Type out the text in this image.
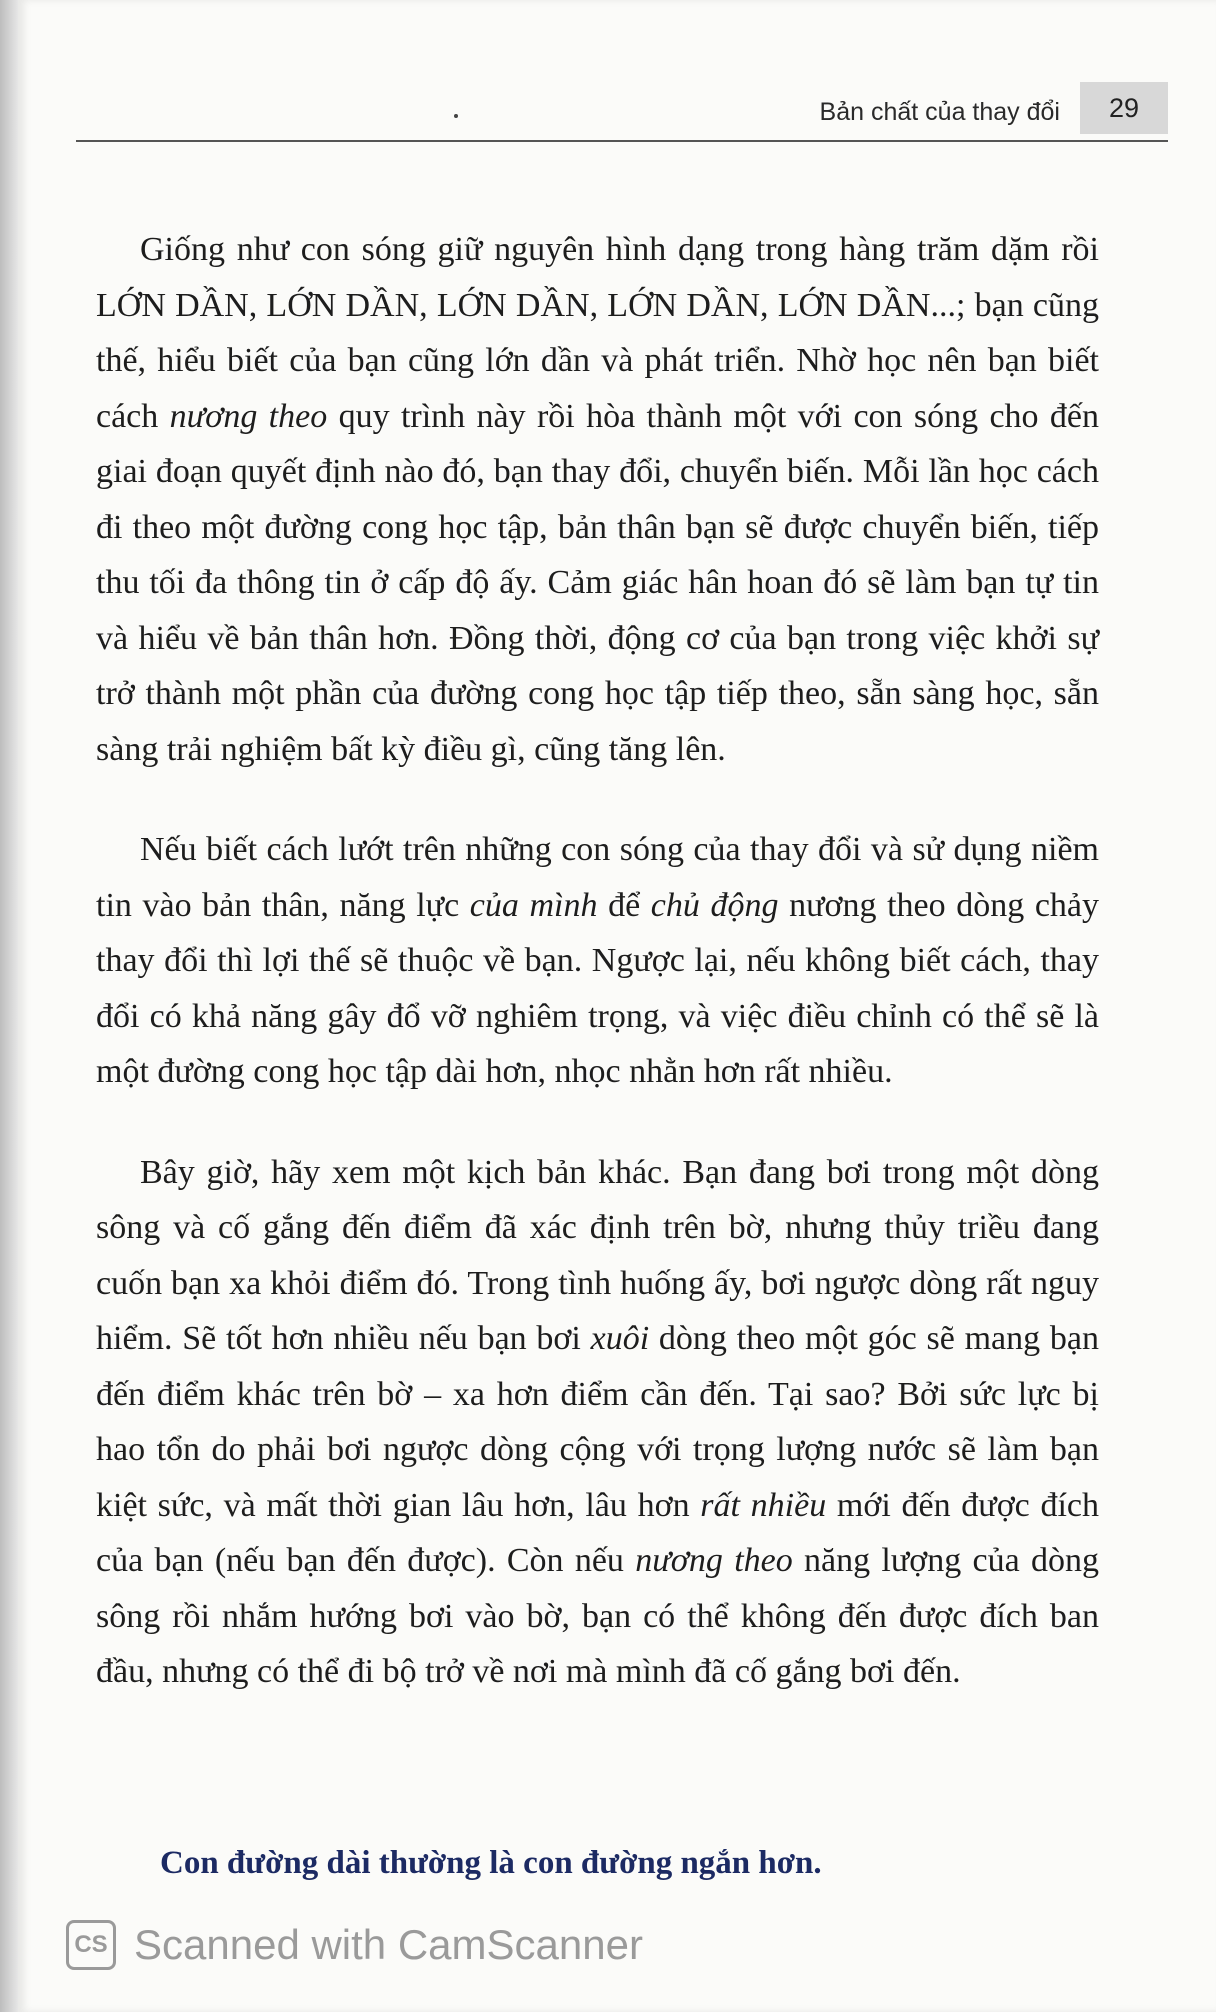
Bản chất của thay đổi	29

Giống như con sóng giữ nguyên hình dạng trong hàng trăm dặm rồi LỚN DẦN, LỚN DẦN, LỚN DẦN, LỚN DẦN, LỚN DẦN...; bạn cũng thế, hiểu biết của bạn cũng lớn dần và phát triển. Nhờ học nên bạn biết cách nương theo quy trình này rồi hòa thành một với con sóng cho đến giai đoạn quyết định nào đó, bạn thay đổi, chuyển biến. Mỗi lần học cách đi theo một đường cong học tập, bản thân bạn sẽ được chuyển biến, tiếp thu tối đa thông tin ở cấp độ ấy. Cảm giác hân hoan đó sẽ làm bạn tự tin và hiểu về bản thân hơn. Đồng thời, động cơ của bạn trong việc khởi sự trở thành một phần của đường cong học tập tiếp theo, sẵn sàng học, sẵn sàng trải nghiệm bất kỳ điều gì, cũng tăng lên.

Nếu biết cách lướt trên những con sóng của thay đổi và sử dụng niềm tin vào bản thân, năng lực của mình để chủ động nương theo dòng chảy thay đổi thì lợi thế sẽ thuộc về bạn. Ngược lại, nếu không biết cách, thay đổi có khả năng gây đổ vỡ nghiêm trọng, và việc điều chỉnh có thể sẽ là một đường cong học tập dài hơn, nhọc nhằn hơn rất nhiều.

Bây giờ, hãy xem một kịch bản khác. Bạn đang bơi trong một dòng sông và cố gắng đến điểm đã xác định trên bờ, nhưng thủy triều đang cuốn bạn xa khỏi điểm đó. Trong tình huống ấy, bơi ngược dòng rất nguy hiểm. Sẽ tốt hơn nhiều nếu bạn bơi xuôi dòng theo một góc sẽ mang bạn đến điểm khác trên bờ – xa hơn điểm cần đến. Tại sao? Bởi sức lực bị hao tổn do phải bơi ngược dòng cộng với trọng lượng nước sẽ làm bạn kiệt sức, và mất thời gian lâu hơn, lâu hơn rất nhiều mới đến được đích của bạn (nếu bạn đến được). Còn nếu nương theo năng lượng của dòng sông rồi nhắm hướng bơi vào bờ, bạn có thể không đến được đích ban đầu, nhưng có thể đi bộ trở về nơi mà mình đã cố gắng bơi đến.

Con đường dài thường là con đường ngắn hơn.
CS Scanned with CamScanner
